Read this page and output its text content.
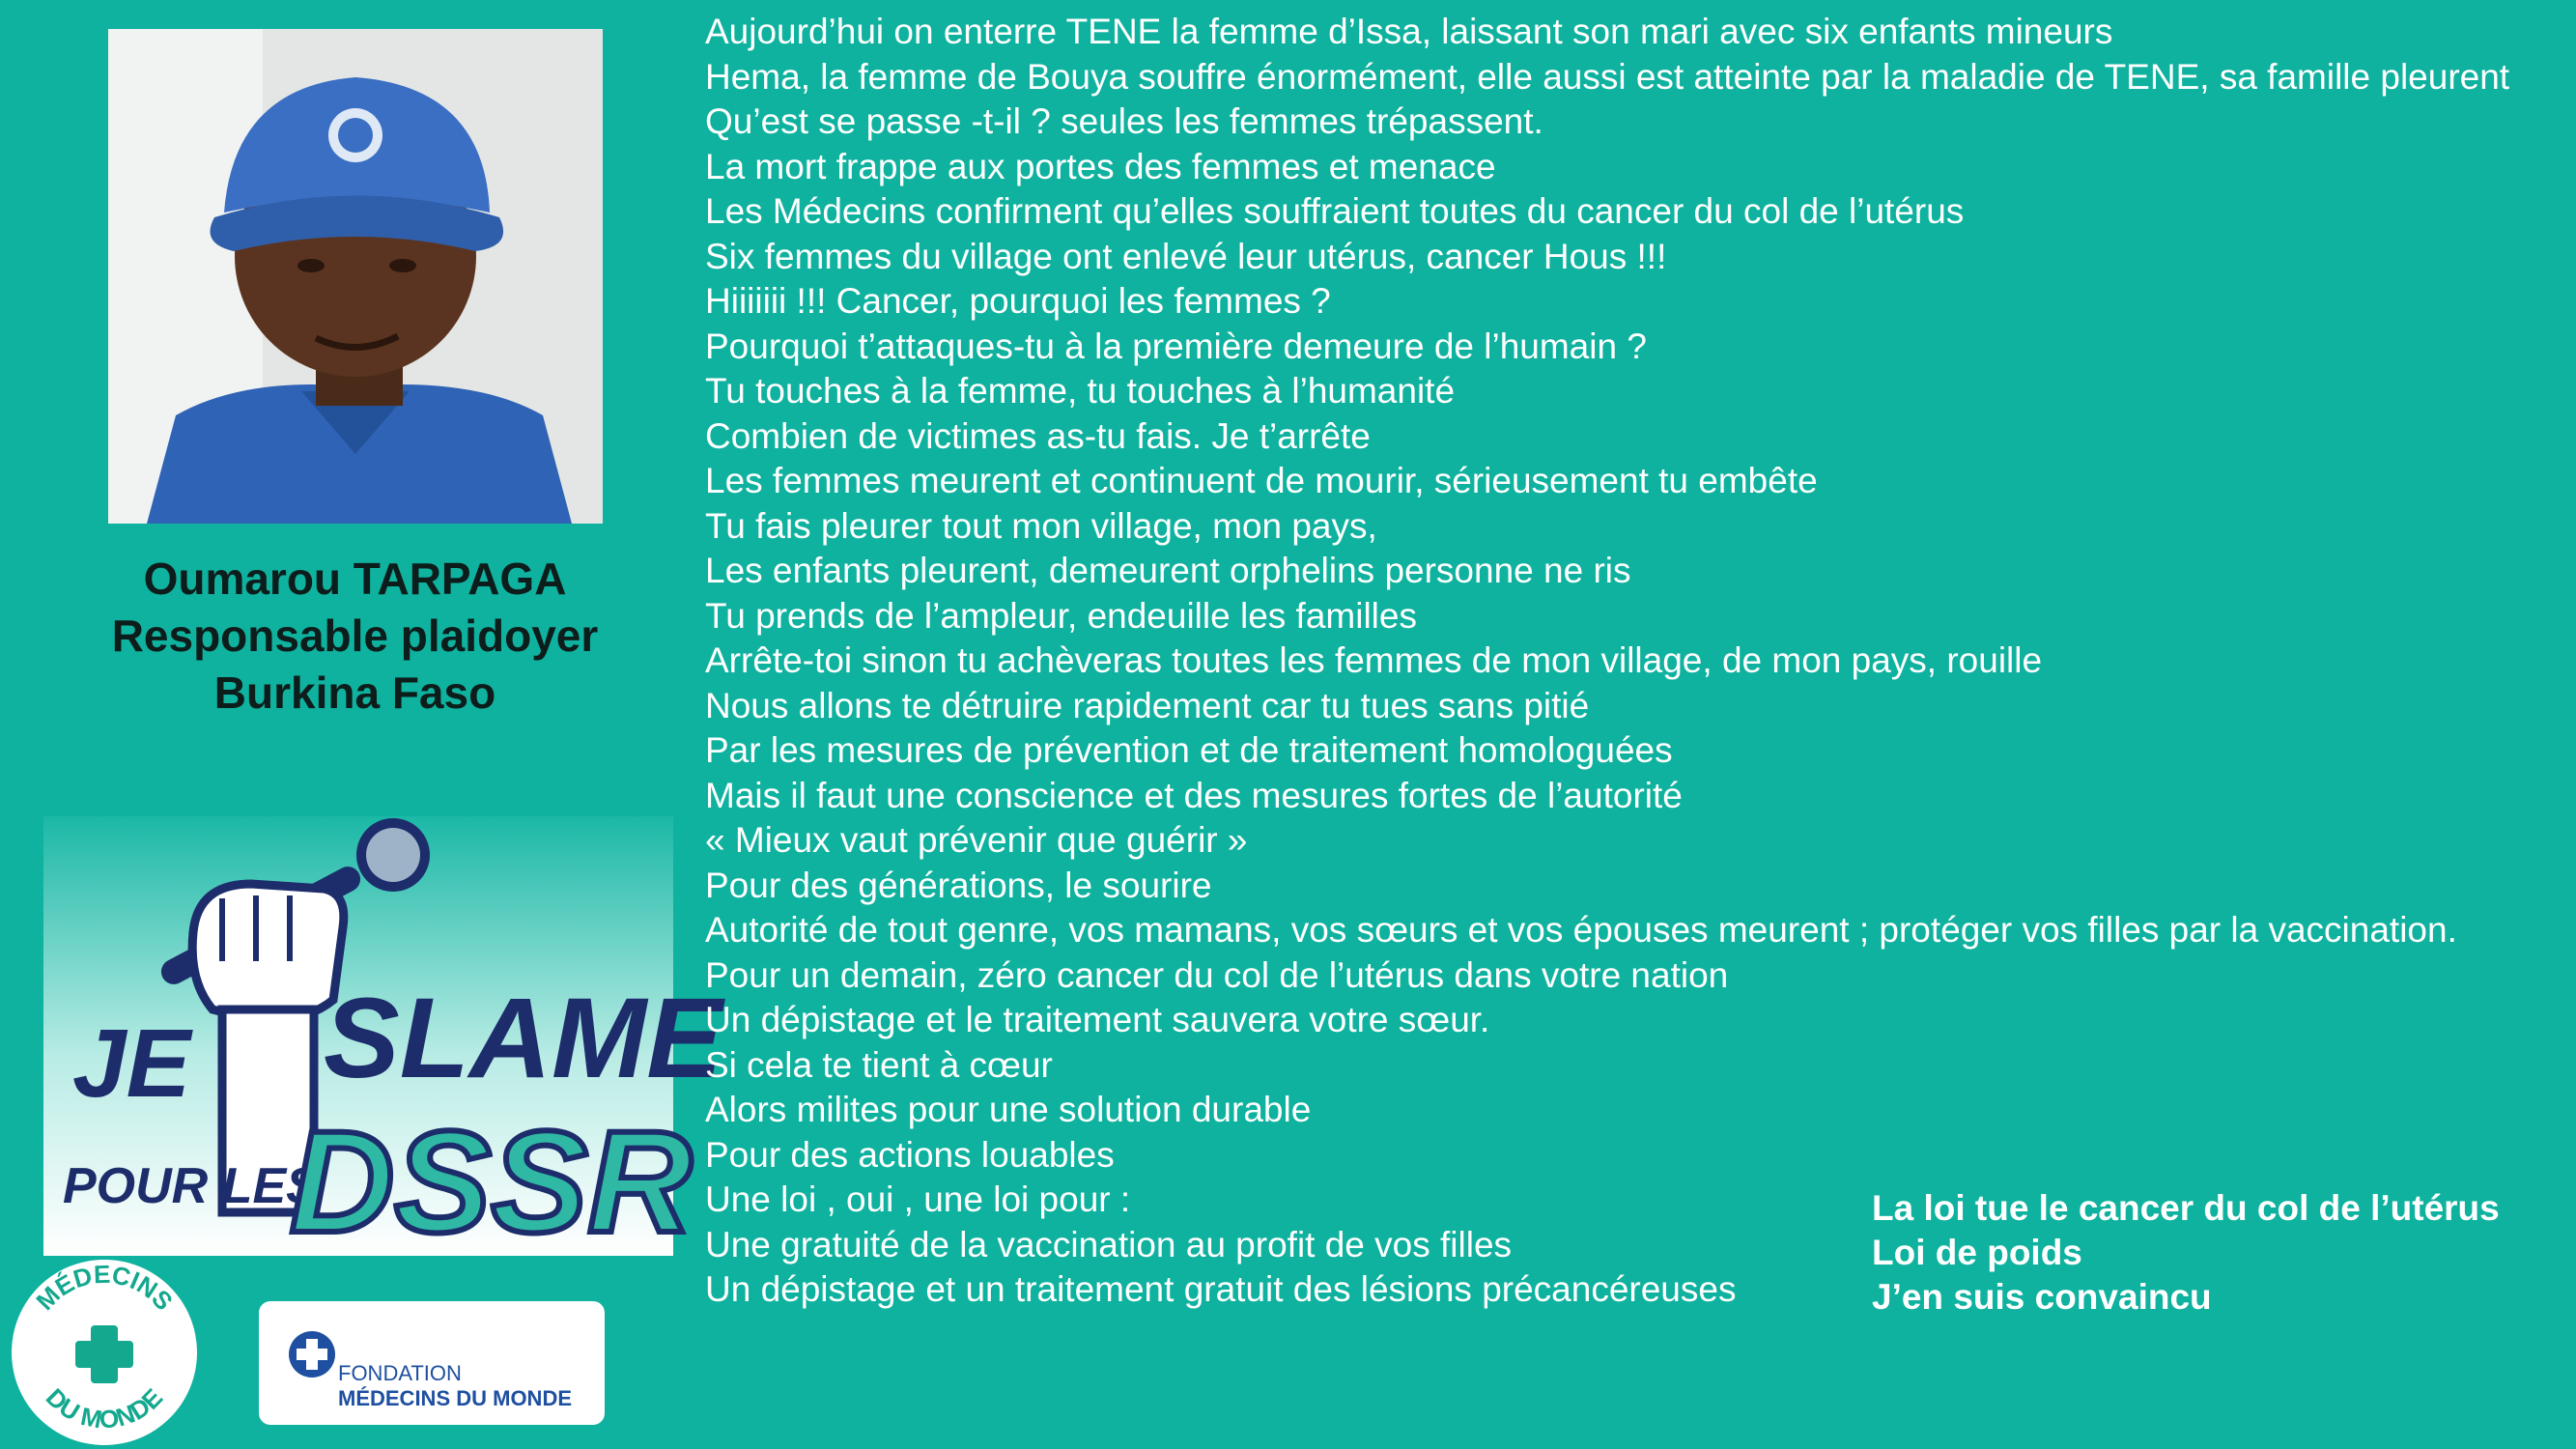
Oumarou TARPAGA
Responsable plaidoyer
Burkina Faso
JE SLAME
POUR LES
DSSR
MÉDECINS
DU MONDE
FONDATION
MÉDECINS DU MONDE
Aujourd’hui on enterre TENE la femme d’Issa, laissant son mari avec six enfants mineurs
Hema, la femme de Bouya souffre énormément, elle aussi est atteinte par la maladie de TENE, sa famille pleurent
Qu’est se passe -t-il ? seules les femmes trépassent.
La mort frappe aux portes des femmes et menace
Les Médecins confirment qu’elles souffraient toutes du cancer du col de l’utérus
Six femmes du village ont enlevé leur utérus, cancer Hous !!!
Hiiiiiii !!! Cancer, pourquoi les femmes ?
Pourquoi t’attaques-tu à la première demeure de l’humain ?
Tu touches à la femme, tu touches à l’humanité
Combien de victimes as-tu fais. Je t’arrête
Les femmes meurent et continuent de mourir, sérieusement tu embête
Tu fais pleurer tout mon village, mon pays,
Les enfants pleurent, demeurent orphelins personne ne ris
Tu prends de l’ampleur, endeuille les familles
Arrête-toi sinon tu achèveras toutes les femmes de mon village, de mon pays, rouille
Nous allons te détruire rapidement car tu tues sans pitié
Par les mesures de prévention et de traitement homologuées
Mais il faut une conscience et des mesures fortes de l’autorité
« Mieux vaut prévenir que guérir »
Pour des générations, le sourire
Autorité de tout genre, vos mamans, vos sœurs et vos épouses meurent ; protéger vos filles par la vaccination.
Pour un demain, zéro cancer du col de l’utérus dans votre nation
Un dépistage et le traitement sauvera votre sœur.
Si cela te tient à cœur
Alors milites pour une solution durable
Pour des actions louables
Une loi , oui , une loi pour :
Une gratuité de la vaccination au profit de vos filles
Un dépistage et un traitement gratuit des lésions précancéreuses
La loi tue le cancer du col de l’utérus
Loi de poids
J’en suis convaincu
